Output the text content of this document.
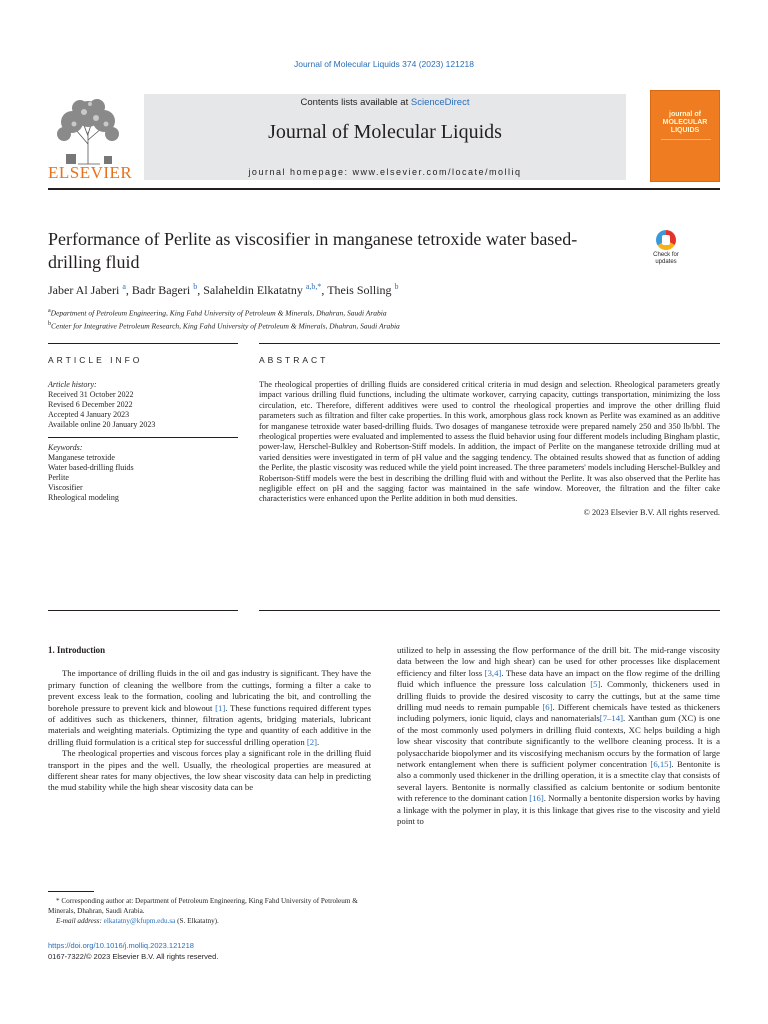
Journal of Molecular Liquids 374 (2023) 121218
ELSEVIER
Contents lists available at ScienceDirect
Journal of Molecular Liquids
journal homepage: www.elsevier.com/locate/molliq
journal of
MOLECULAR
LIQUIDS
Performance of Perlite as viscosifier in manganese tetroxide water based-drilling fluid	Check for updates
Jaber Al Jaberi $^a$, Badr Bageri $^b$, Salaheldin Elkatatny $^{a,b,*}$, Theis Solling $^b$
$^a$Department of Petroleum Engineering, King Fahd University of Petroleum & Minerals, Dhahran, Saudi Arabia
$^b$Center for Integrative Petroleum Research, King Fahd University of Petroleum & Minerals, Dhahran, Saudi Arabia
ARTICLE INFO	ABSTRACT
Article history:
Received 31 October 2022
Revised 6 December 2022
Accepted 4 January 2023
Available online 20 January 2023
Keywords:
Manganese tetroxide
Water based-drilling fluids
Perlite
Viscosifier
Rheological modeling
The rheological properties of drilling fluids are considered critical criteria in mud design and selection. Rheological parameters greatly impact various drilling fluid functions, including the ultimate workover, carrying capacity, cuttings transportation, minimizing the loss circulation, etc. Therefore, different additives were used to control the rheological properties and improve the other drilling fluid parameters such as filtration and filter cake properties. In this work, amorphous glass rock known as Perlite was examined as an additive for manganese tetroxide water based-drilling fluids. Two dosages of manganese tetroxide were prepared namely 250 and 350 lb/bbl. The rheological properties were evaluated and implemented to assess the fluid behavior using four different models including Bingham plastic, power-law, Herschel-Bulkley and Robertson-Stiff models. In addition, the impact of Perlite on the manganese tetroxide drilling mud at varied densities were investigated in term of pH value and the sagging tendency. The obtained results showed that as function of adding the Perlite, the plastic viscosity was reduced while the yield point increased. The three parameters' models including Herschel-Bulkley and Robertson-Stiff models were the best in describing the drilling fluid with and without the Perlite. It was also observed that the Perlite has negligible effect on pH and the sagging factor was maintained in the safe window. Moreover, the filtration and the filter cake characteristics were enhanced upon the Perlite addition in both mud densities.
© 2023 Elsevier B.V. All rights reserved.
1. Introduction

The importance of drilling fluids in the oil and gas industry is significant. They have the primary function of cleaning the wellbore from the cuttings, forming a filter a cake to prevent excess leak to the formation, cooling and lubricating the bit, and controlling the borehole pressure to prevent kick and blowout [1]. These functions required different types of additives such as thickeners, thinner, filtration agents, bridging materials, lubricant materials and weighting materials. Optimizing the type and quantity of each additive in the drilling fluid formulation is a critical step for successful drilling operation [2].

The rheological properties and viscous forces play a significant role in the drilling fluid transport in the pipes and the well. Usually, the rheological properties are measured at different shear rates for many objectives, the low shear viscosity data can help in predicting the mud stability while the high shear viscosity data can be

utilized to help in assessing the flow performance of the drill bit. The mid-range viscosity data between the low and high shear) can be used for other processes like displacement efficiency and filter loss [3,4]. These data have an impact on the flow regime of the drilling fluid which influence the pressure loss calculation [5]. Commonly, thickeners used in drilling fluids to provide the desired viscosity to carry the cuttings, but at the same time drilling mud needs to remain pumpable [6]. Different chemicals have tested as thickeners including polymers, ionic liquid, clays and nanomaterials[7–14]. Xanthan gum (XC) is one of the most commonly used polymers in drilling fluid contexts, XC helps building a high low shear viscosity that contribute significantly to the wellbore cleaning process. It is a polysaccharide biopolymer and its viscosifying mechanism occurs by the formation of large network entanglement when there is sufficient polymer concentration [6,15]. Bentonite is also a commonly used thickener in the drilling operation, it is a smectite clay that consists of several layers. Bentonite is normally classified as calcium bentonite or sodium bentonite with reference to the dominant cation [16]. Normally a bentonite dispersion works by having a linkage with the polymer in play, it is this linkage that gives rise to the viscosity and yield point to

* Corresponding author at: Department of Petroleum Engineering, King Fahd University of Petroleum & Minerals, Dhahran, Saudi Arabia.
E-mail address: elkatatny@kfupm.edu.sa (S. Elkatatny).
https://doi.org/10.1016/j.molliq.2023.121218
0167-7322/© 2023 Elsevier B.V. All rights reserved.
